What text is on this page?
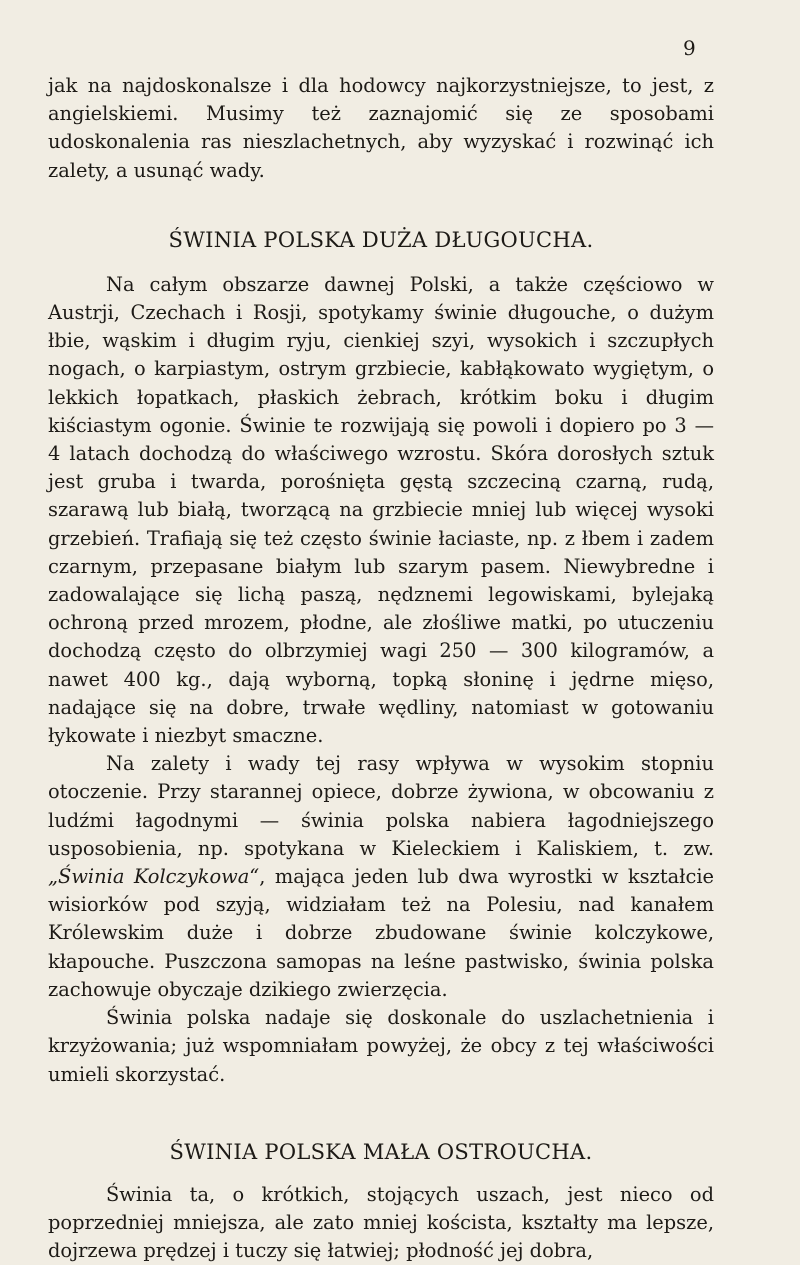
9

jak na najdoskonalsze i dla hodowcy najkorzystniejsze, to jest, z angielskiemi. Musimy też zaznajomić się ze sposobami udoskonalenia ras nieszlachetnych, aby wyzyskać i rozwinąć ich zalety, a usunąć wady.

ŚWINIA POLSKA DUŻA DŁUGOUCHA.

Na całym obszarze dawnej Polski, a także częściowo w Austrji, Czechach i Rosji, spotykamy świnie długouche, o dużym łbie, wąskim i długim ryju, cienkiej szyi, wysokich i szczupłych nogach, o karpiastym, ostrym grzbiecie, kabłąkowato wygiętym, o lekkich łopatkach, płaskich żebrach, krótkim boku i długim kiściastym ogonie. Świnie te rozwijają się powoli i dopiero po 3 — 4 latach dochodzą do właściwego wzrostu. Skóra dorosłych sztuk jest gruba i twarda, porośnięta gęstą szczeciną czarną, rudą, szarawą lub białą, tworzącą na grzbiecie mniej lub więcej wysoki grzebień. Trafiają się też często świnie łaciaste, np. z łbem i zadem czarnym, przepasane białym lub szarym pasem. Niewybredne i zadowalające się lichą paszą, nędznemi legowiskami, bylejaką ochroną przed mrozem, płodne, ale złośliwe matki, po utuczeniu dochodzą często do olbrzymiej wagi 250 — 300 kilogramów, a nawet 400 kg., dają wyborną, topką słoninę i jędrne mięso, nadające się na dobre, trwałe wędliny, natomiast w gotowaniu łykowate i niezbyt smaczne.

Na zalety i wady tej rasy wpływa w wysokim stopniu otoczenie. Przy starannej opiece, dobrze żywiona, w obcowaniu z ludźmi łagodnymi — świnia polska nabiera łagodniejszego usposobienia, np. spotykana w Kieleckiem i Kaliskiem, t. zw. „Świnia Kolczykowa“, mająca jeden lub dwa wyrostki w kształcie wisiorków pod szyją, widziałam też na Polesiu, nad kanałem Królewskim duże i dobrze zbudowane świnie kolczykowe, kłapouche. Puszczona samopas na leśne pastwisko, świnia polska zachowuje obyczaje dzikiego zwierzęcia.

Świnia polska nadaje się doskonale do uszlachetnienia i krzyżowania; już wspomniałam powyżej, że obcy z tej właściwości umieli skorzystać.

ŚWINIA POLSKA MAŁA OSTROUCHA.

Świnia ta, o krótkich, stojących uszach, jest nieco od poprzedniej mniejsza, ale zato mniej koścista, kształty ma lepsze, dojrzewa prędzej i tuczy się łatwiej; płodność jej dobra,
